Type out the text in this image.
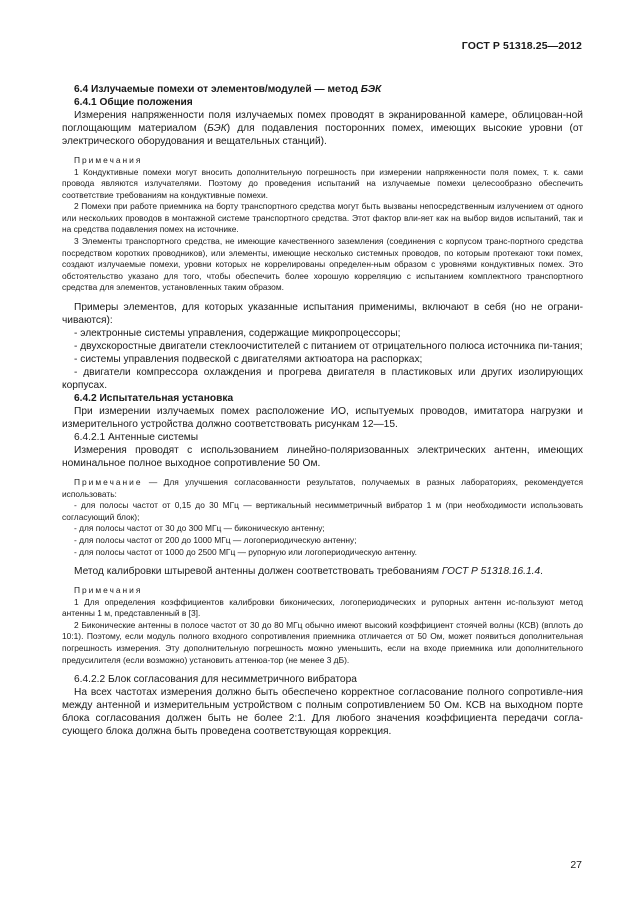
ГОСТ Р 51318.25—2012

6.4 Излучаемые помехи от элементов/модулей — метод БЭК

6.4.1 Общие положения

Измерения напряженности поля излучаемых помех проводят в экранированной камере, облицован-ной поглощающим материалом (БЭК) для подавления посторонних помех, имеющих высокие уровни (от электрического оборудования и вещательных станций).

Примечания

1 Кондуктивные помехи могут вносить дополнительную погрешность при измерении напряженности поля помех, т. к. сами провода являются излучателями. Поэтому до проведения испытаний на излучаемые помехи целесообразно обеспечить соответствие требованиям на кондуктивные помехи.

2 Помехи при работе приемника на борту транспортного средства могут быть вызваны непосредственным излучением от одного или нескольких проводов в монтажной системе транспортного средства. Этот фактор вли-яет как на выбор видов испытаний, так и на средства подавления помех на источнике.

3 Элементы транспортного средства, не имеющие качественного заземления (соединения с корпусом транс-портного средства посредством коротких проводников), или элементы, имеющие несколько системных проводов, по которым протекают токи помех, создают излучаемые помехи, уровни которых не коррелированы определен-ным образом с уровнями кондуктивных помех. Это обстоятельство указано для того, чтобы обеспечить более хорошую корреляцию с испытанием комплектного транспортного средства для элементов, установленных таким образом.

Примеры элементов, для которых указанные испытания применимы, включают в себя (но не ограни-чиваются):

- электронные системы управления, содержащие микропроцессоры;

- двухскоростные двигатели стеклоочистителей с питанием от отрицательного полюса источника пи-тания;

- системы управления подвеской с двигателями актюатора на распорках;

- двигатели компрессора охлаждения и прогрева двигателя в пластиковых или других изолирующих корпусах.

6.4.2 Испытательная установка

При измерении излучаемых помех расположение ИО, испытуемых проводов, имитатора нагрузки и измерительного устройства должно соответствовать рисункам 12—15.

6.4.2.1 Антенные системы

Измерения проводят с использованием линейно-поляризованных электрических антенн, имеющих номинальное полное выходное сопротивление 50 Ом.

Примечание — Для улучшения согласованности результатов, получаемых в разных лабораториях, рекомендуется использовать:

- для полосы частот от 0,15 до 30 МГц — вертикальный несимметричный вибратор 1 м (при необходимости использовать согласующий блок);

- для полосы частот от 30 до 300 МГц — биконическую антенну;

- для полосы частот от 200 до 1000 МГц — логопериодическую антенну;

- для полосы частот от 1000 до 2500 МГц — рупорную или логопериодическую антенну.

Метод калибровки штыревой антенны должен соответствовать требованиям ГОСТ Р 51318.16.1.4.

Примечания

1 Для определения коэффициентов калибровки биконических, логопериодических и рупорных антенн ис-пользуют метод антенны 1 м, представленный в [3].

2 Биконические антенны в полосе частот от 30 до 80 МГц обычно имеют высокий коэффициент стоячей волны (КСВ) (вплоть до 10:1). Поэтому, если модуль полного входного сопротивления приемника отличается от 50 Ом, может появиться дополнительная погрешность измерения. Эту дополнительную погрешность можно уменьшить, если на входе приемника или дополнительного предусилителя (если возможно) установить аттенюа-тор (не менее 3 дБ).

6.4.2.2 Блок согласования для несимметричного вибратора

На всех частотах измерения должно быть обеспечено корректное согласование полного сопротивле-ния между антенной и измерительным устройством с полным сопротивлением 50 Ом. КСВ на выходном порте блока согласования должен быть не более 2:1. Для любого значения коэффициента передачи согла-сующего блока должна быть проведена соответствующая коррекция.

27
